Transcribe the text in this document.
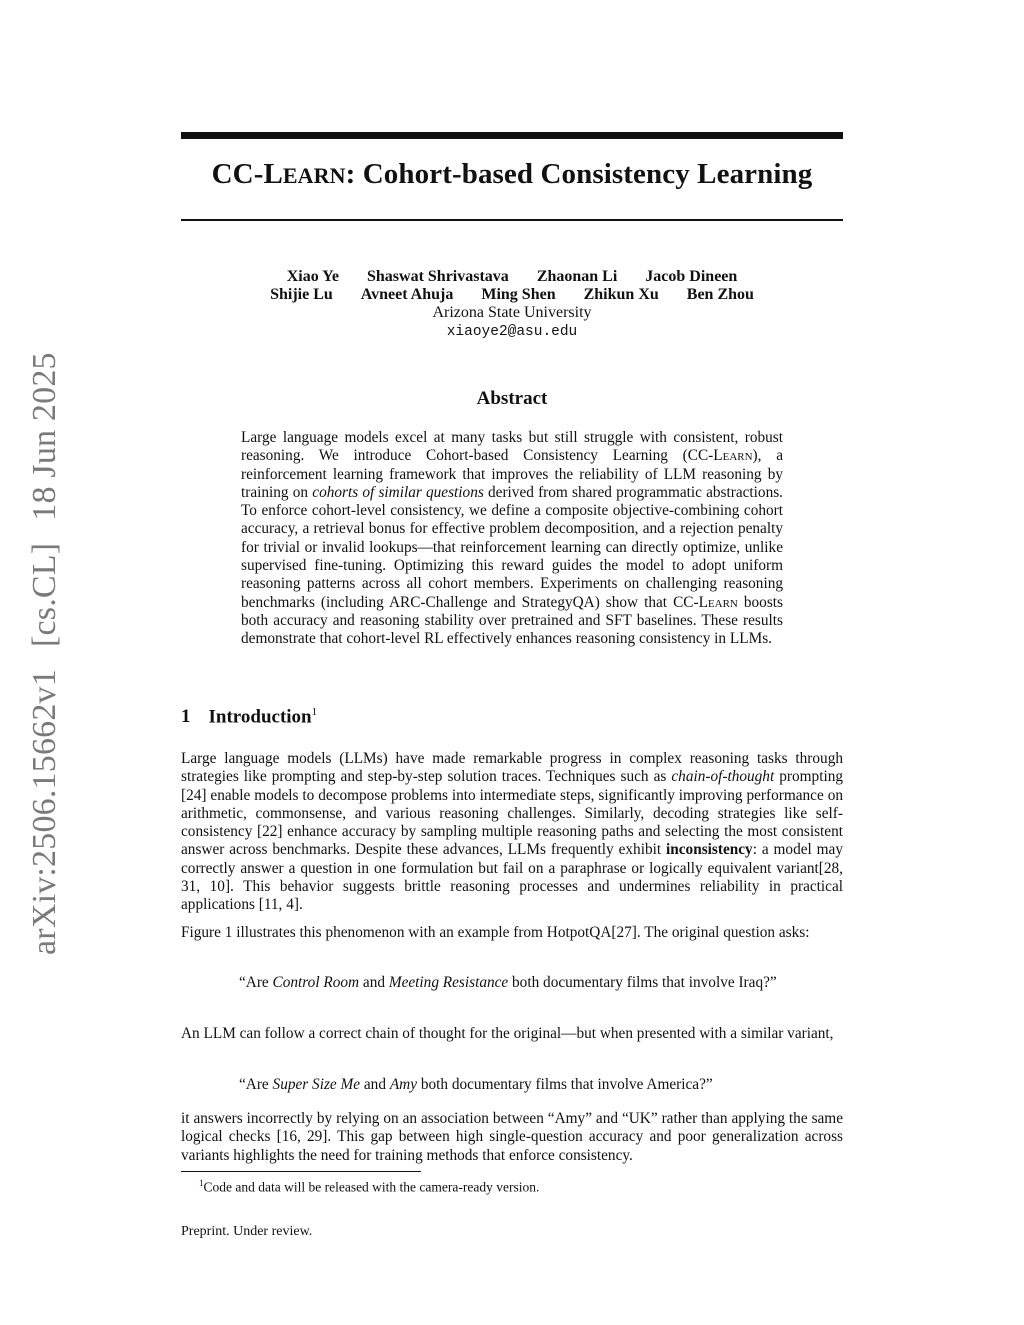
arXiv:2506.15662v1[cs.CL]18 Jun 2025
CC-LEARN: Cohort-based Consistency Learning
Xiao Ye Shaswat Shrivastava Zhaonan Li Jacob Dineen
Shijie Lu Avneet Ahuja Ming Shen Zhikun Xu Ben Zhou
Arizona State University
xiaoye2@asu.edu
Abstract
Large language models excel at many tasks but still struggle with consistent, robust reasoning. We introduce Cohort-based Consistency Learning (CC-Learn), a reinforcement learning framework that improves the reliability of LLM reasoning by training on cohorts of similar questions derived from shared programmatic abstractions. To enforce cohort-level consistency, we define a composite objective-combining cohort accuracy, a retrieval bonus for effective problem decomposition, and a rejection penalty for trivial or invalid lookups—that reinforcement learning can directly optimize, unlike supervised fine-tuning. Optimizing this reward guides the model to adopt uniform reasoning patterns across all cohort members. Experiments on challenging reasoning benchmarks (including ARC-Challenge and StrategyQA) show that CC-Learn boosts both accuracy and reasoning stability over pretrained and SFT baselines. These results demonstrate that cohort-level RL effectively enhances reasoning consistency in LLMs.
1 Introduction$^1$
Large language models (LLMs) have made remarkable progress in complex reasoning tasks through strategies like prompting and step-by-step solution traces. Techniques such as chain-of-thought prompting [24] enable models to decompose problems into intermediate steps, significantly improving performance on arithmetic, commonsense, and various reasoning challenges. Similarly, decoding strategies like self-consistency [22] enhance accuracy by sampling multiple reasoning paths and selecting the most consistent answer across benchmarks. Despite these advances, LLMs frequently exhibit inconsistency: a model may correctly answer a question in one formulation but fail on a paraphrase or logically equivalent variant[28, 31, 10]. This behavior suggests brittle reasoning processes and undermines reliability in practical applications [11, 4].
Figure 1 illustrates this phenomenon with an example from HotpotQA[27]. The original question asks:
“Are Control Room and Meeting Resistance both documentary films that involve Iraq?”
An LLM can follow a correct chain of thought for the original—but when presented with a similar variant,
“Are Super Size Me and Amy both documentary films that involve America?”
it answers incorrectly by relying on an association between “Amy” and “UK” rather than applying the same logical checks [16, 29]. This gap between high single-question accuracy and poor generalization across variants highlights the need for training methods that enforce consistency.
$^1$Code and data will be released with the camera-ready version.
Preprint. Under review.
